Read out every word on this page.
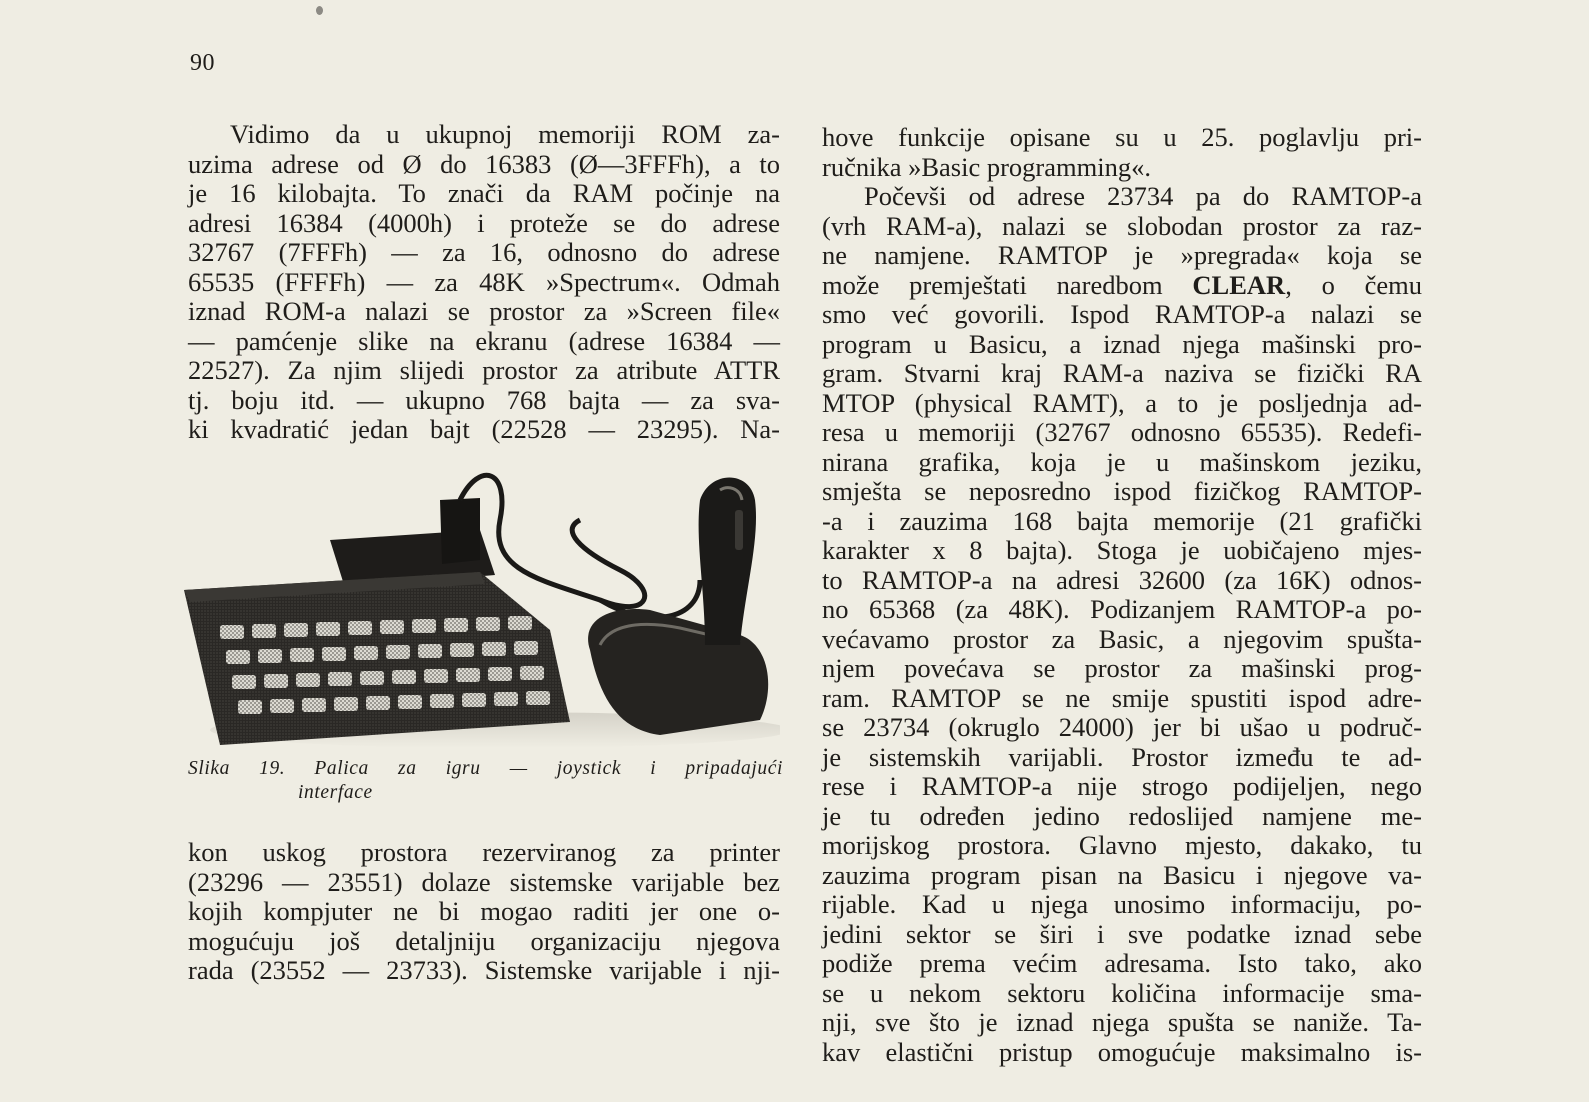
90
Vidimo da u ukupnoj memoriji ROM za-
uzima adrese od Ø do 16383 (Ø—3FFFh), a to
je 16 kilobajta. To znači da RAM počinje na
adresi 16384 (4000h) i proteže se do adrese
32767 (7FFFh) — za 16, odnosno do adrese
65535 (FFFFh) — za 48K »Spectrum«. Odmah
iznad ROM-a nalazi se prostor za »Screen file«
— pamćenje slike na ekranu (adrese 16384 —
22527). Za njim slijedi prostor za atribute ATTR
tj. boju itd. — ukupno 768 bajta — za sva-
ki kvadratić jedan bajt (22528 — 23295). Na-
Slika 19. Palica za igru — joystick i pripadajući
interface
kon uskog prostora rezerviranog za printer
(23296 — 23551) dolaze sistemske varijable bez
kojih kompjuter ne bi mogao raditi jer one o-
mogućuju još detaljniju organizaciju njegova
rada (23552 — 23733). Sistemske varijable i nji-
hove funkcije opisane su u 25. poglavlju pri-
ručnika »Basic programming«.
Počevši od adrese 23734 pa do RAMTOP-a
(vrh RAM-a), nalazi se slobodan prostor za raz-
ne namjene. RAMTOP je »pregrada« koja se
može premještati naredbom CLEAR, o čemu
smo već govorili. Ispod RAMTOP-a nalazi se
program u Basicu, a iznad njega mašinski pro-
gram. Stvarni kraj RAM-a naziva se fizički RA
MTOP (physical RAMT), a to je posljednja ad-
resa u memoriji (32767 odnosno 65535). Redefi-
nirana grafika, koja je u mašinskom jeziku,
smješta se neposredno ispod fizičkog RAMTOP-
-a i zauzima 168 bajta memorije (21 grafički
karakter x 8 bajta). Stoga je uobičajeno mjes-
to RAMTOP-a na adresi 32600 (za 16K) odnos-
no 65368 (za 48K). Podizanjem RAMTOP-a po-
većavamo prostor za Basic, a njegovim spušta-
njem povećava se prostor za mašinski prog-
ram. RAMTOP se ne smije spustiti ispod adre-
se 23734 (okruglo 24000) jer bi ušao u područ-
je sistemskih varijabli. Prostor između te ad-
rese i RAMTOP-a nije strogo podijeljen, nego
je tu određen jedino redoslijed namjene me-
morijskog prostora. Glavno mjesto, dakako, tu
zauzima program pisan na Basicu i njegove va-
rijable. Kad u njega unosimo informaciju, po-
jedini sektor se širi i sve podatke iznad sebe
podiže prema većim adresama. Isto tako, ako
se u nekom sektoru količina informacije sma-
nji, sve što je iznad njega spušta se naniže. Ta-
kav elastični pristup omogućuje maksimalno is-
